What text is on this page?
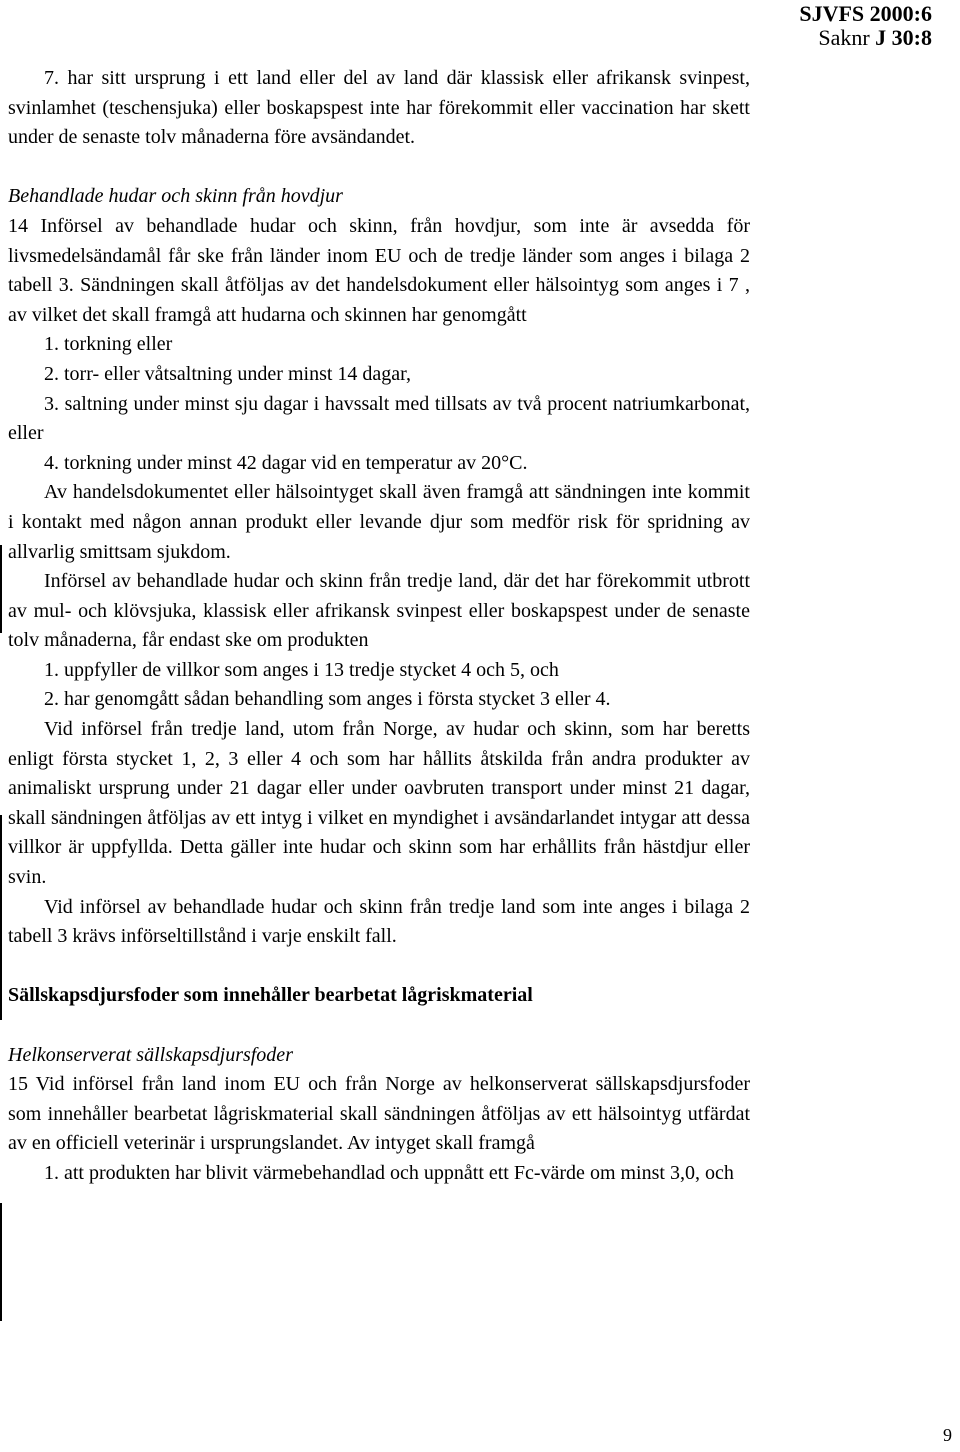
SJVFS 2000:6
Saknr J 30:8

7. har sitt ursprung i ett land eller del av land där klassisk eller afrikansk svinpest, svinlamhet (teschensjuka) eller boskapspest inte har förekommit eller vaccination har skett under de senaste tolv månaderna före avsändandet.

Behandlade hudar och skinn från hovdjur

14 Införsel av behandlade hudar och skinn, från hovdjur, som inte är avsedda för livsmedelsändamål får ske från länder inom EU och de tredje länder som anges i bilaga 2 tabell 3. Sändningen skall åtföljas av det handelsdokument eller hälsointyg som anges i 7 , av vilket det skall framgå att hudarna och skinnen har genomgått

1. torkning eller

2. torr- eller våtsaltning under minst 14 dagar,

3. saltning under minst sju dagar i havssalt med tillsats av två procent natriumkarbonat, eller

4. torkning under minst 42 dagar vid en temperatur av 20°C.

Av handelsdokumentet eller hälsointyget skall även framgå att sändningen inte kommit i kontakt med någon annan produkt eller levande djur som medför risk för spridning av allvarlig smittsam sjukdom.

Införsel av behandlade hudar och skinn från tredje land, där det har förekommit utbrott av mul- och klövsjuka, klassisk eller afrikansk svinpest eller boskapspest under de senaste tolv månaderna, får endast ske om produkten

1. uppfyller de villkor som anges i 13 tredje stycket 4 och 5, och

2. har genomgått sådan behandling som anges i första stycket 3 eller 4.

Vid införsel från tredje land, utom från Norge, av hudar och skinn, som har beretts enligt första stycket 1, 2, 3 eller 4 och som har hållits åtskilda från andra produkter av animaliskt ursprung under 21 dagar eller under oavbruten transport under minst 21 dagar, skall sändningen åtföljas av ett intyg i vilket en myndighet i avsändarlandet intygar att dessa villkor är uppfyllda. Detta gäller inte hudar och skinn som har erhållits från hästdjur eller svin.

Vid införsel av behandlade hudar och skinn från tredje land som inte anges i bilaga 2 tabell 3 krävs införseltillstånd i varje enskilt fall.

Sällskapsdjursfoder som innehåller bearbetat lågriskmaterial

Helkonserverat sällskapsdjursfoder

15 Vid införsel från land inom EU och från Norge av helkonserverat sällskapsdjursfoder som innehåller bearbetat lågriskmaterial skall sändningen åtföljas av ett hälsointyg utfärdat av en officiell veterinär i ursprungslandet. Av intyget skall framgå

1. att produkten har blivit värmebehandlad och uppnått ett Fc-värde om minst 3,0, och

9
